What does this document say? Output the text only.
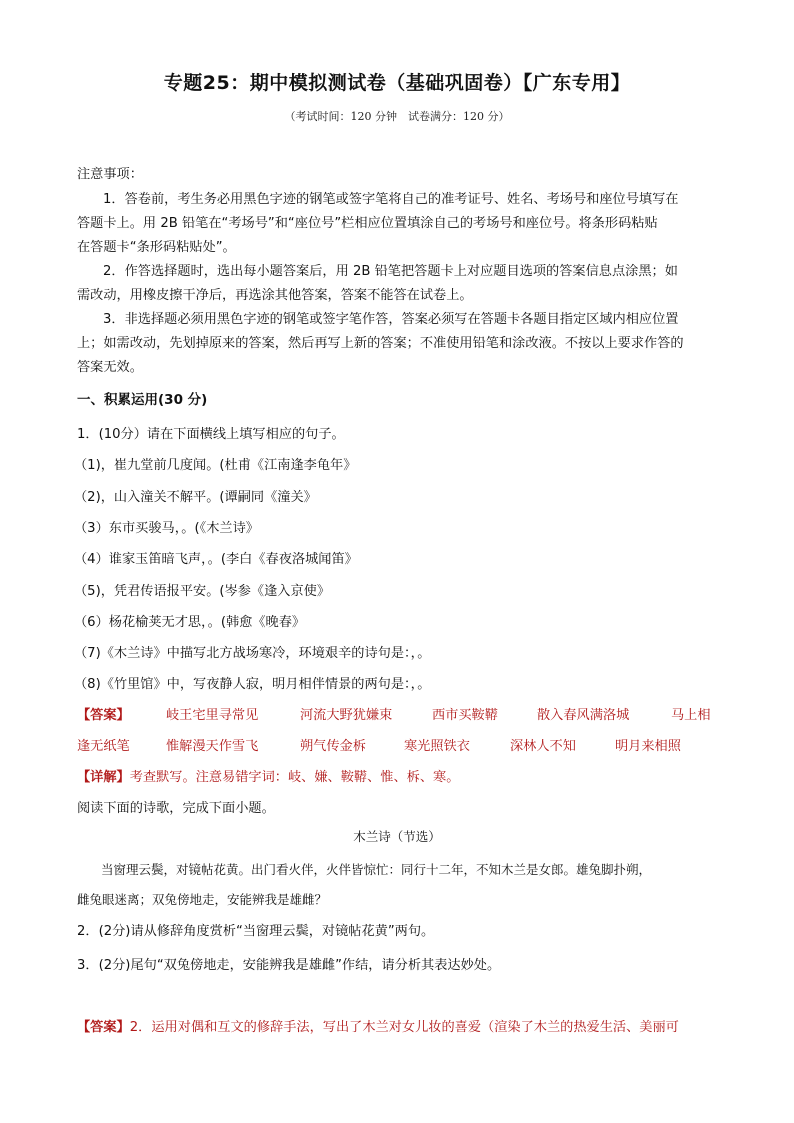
专题25：期中模拟测试卷（基础巩固卷）【广东专用】
（考试时间：120 分钟　试卷满分：120 分）
注意事项：
1．答卷前，考生务必用黑色字迹的钢笔或签字笔将自己的准考证号、姓名、考场号和座位号填写在
答题卡上。用 2B 铅笔在“考场号”和“座位号”栏相应位置填涂自己的考场号和座位号。将条形码粘贴
在答题卡“条形码粘贴处”。
2．作答选择题时，选出每小题答案后，用 2B 铅笔把答题卡上对应题目选项的答案信息点涂黑；如
需改动，用橡皮擦干净后，再选涂其他答案，答案不能答在试卷上。
3．非选择题必须用黑色字迹的钢笔或签字笔作答，答案必须写在答题卡各题目指定区域内相应位置
上；如需改动，先划掉原来的答案，然后再写上新的答案；不准使用铅笔和涂改液。不按以上要求作答的
答案无效。
一、积累运用(30 分)
1．(10分）请在下面横线上填写相应的句子。
（1)，崔九堂前几度闻。(杜甫《江南逢李龟年》
（2)，山入潼关不解平。(谭嗣同《潼关》
（3）东市买骏马，。(《木兰诗》
（4）谁家玉笛暗飞声，。(李白《春夜洛城闻笛》
（5)，凭君传语报平安。(岑参《逢入京使》
（6）杨花榆荚无才思，。(韩愈《晚春》
（7)《木兰诗》中描写北方战场寒冷，环境艰辛的诗句是：，。
（8)《竹里馆》中，写夜静人寂，明月相伴情景的两句是：，。
【答案】	岐王宅里寻常见	河流大野犹嫌束	西市买鞍鞯	散入春风满洛城	马上相
逢无纸笔	惟解漫天作雪飞	朔气传金柝	寒光照铁衣	深林人不知	明月来相照
【详解】考查默写。注意易错字词：岐、嫌、鞍鞯、惟、柝、寒。
阅读下面的诗歌，完成下面小题。
木兰诗（节选）
当窗理云鬓，对镜帖花黄。出门看火伴，火伴皆惊忙：同行十二年，不知木兰是女郎。雄兔脚扑朔，
雌兔眼迷离；双兔傍地走，安能辨我是雄雌？
2．(2分)请从修辞角度赏析“当窗理云鬓，对镜帖花黄”两句。
3．(2分)尾句“双兔傍地走，安能辨我是雄雌”作结，请分析其表达妙处。
【答案】2．运用对偶和互文的修辞手法，写出了木兰对女儿妆的喜爱（渲染了木兰的热爱生活、美丽可
